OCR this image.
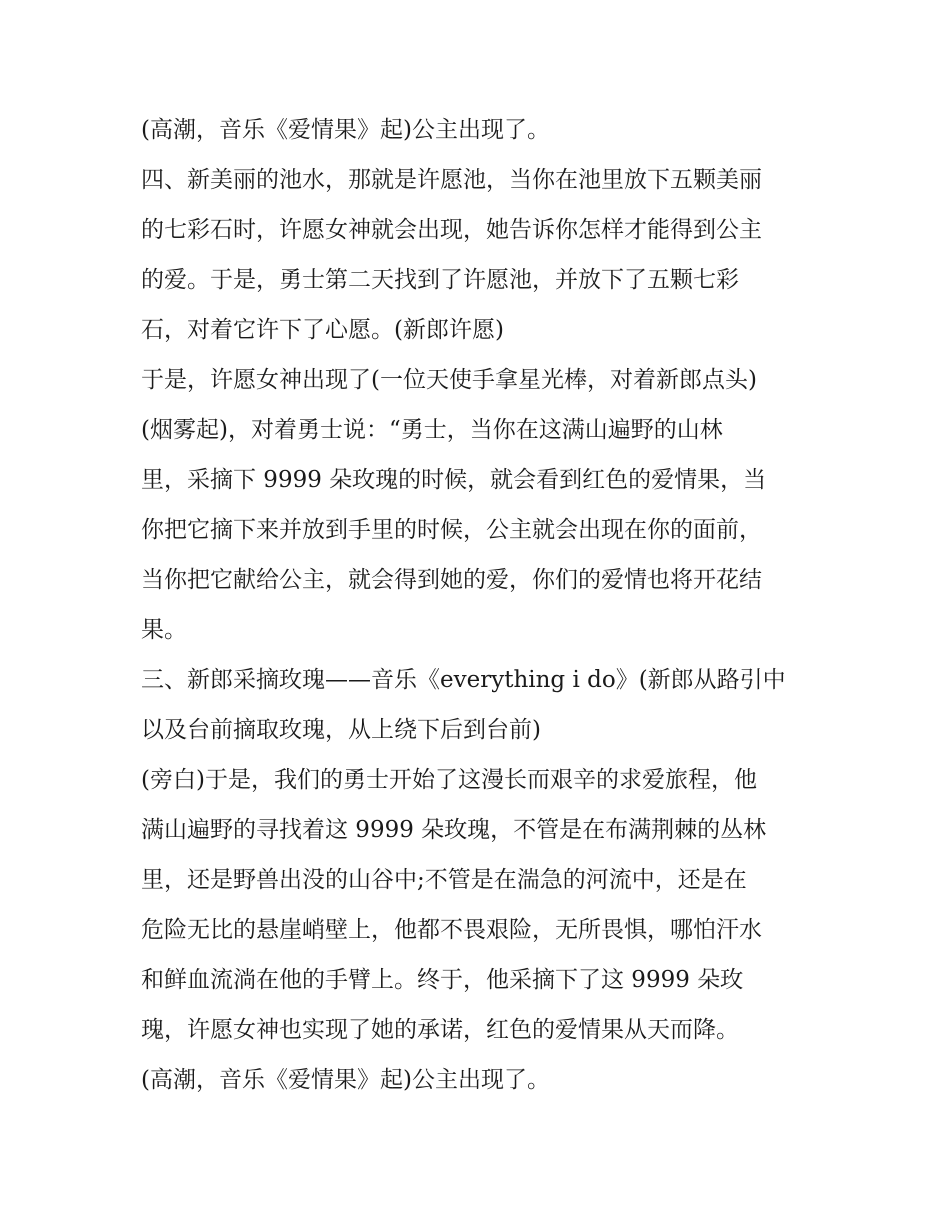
(高潮，音乐《爱情果》起)公主出现了。

四、新美丽的池水，那就是许愿池，当你在池里放下五颗美丽

的七彩石时，许愿女神就会出现，她告诉你怎样才能得到公主

的爱。于是，勇士第二天找到了许愿池，并放下了五颗七彩

石，对着它许下了心愿。(新郎许愿)

于是，许愿女神出现了(一位天使手拿星光棒，对着新郎点头)

(烟雾起)，对着勇士说：“勇士，当你在这满山遍野的山林

里，采摘下 9999 朵玫瑰的时候，就会看到红色的爱情果，当

你把它摘下来并放到手里的时候，公主就会出现在你的面前，

当你把它献给公主，就会得到她的爱，你们的爱情也将开花结

果。

三、新郎采摘玫瑰——音乐《everything i do》(新郎从路引中

以及台前摘取玫瑰，从上绕下后到台前)

(旁白)于是，我们的勇士开始了这漫长而艰辛的求爱旅程，他

满山遍野的寻找着这 9999 朵玫瑰，不管是在布满荆棘的丛林

里，还是野兽出没的山谷中;不管是在湍急的河流中，还是在

危险无比的悬崖峭壁上，他都不畏艰险，无所畏惧，哪怕汗水

和鲜血流淌在他的手臂上。终于，他采摘下了这 9999 朵玫

瑰，许愿女神也实现了她的承诺，红色的爱情果从天而降。

(高潮，音乐《爱情果》起)公主出现了。
